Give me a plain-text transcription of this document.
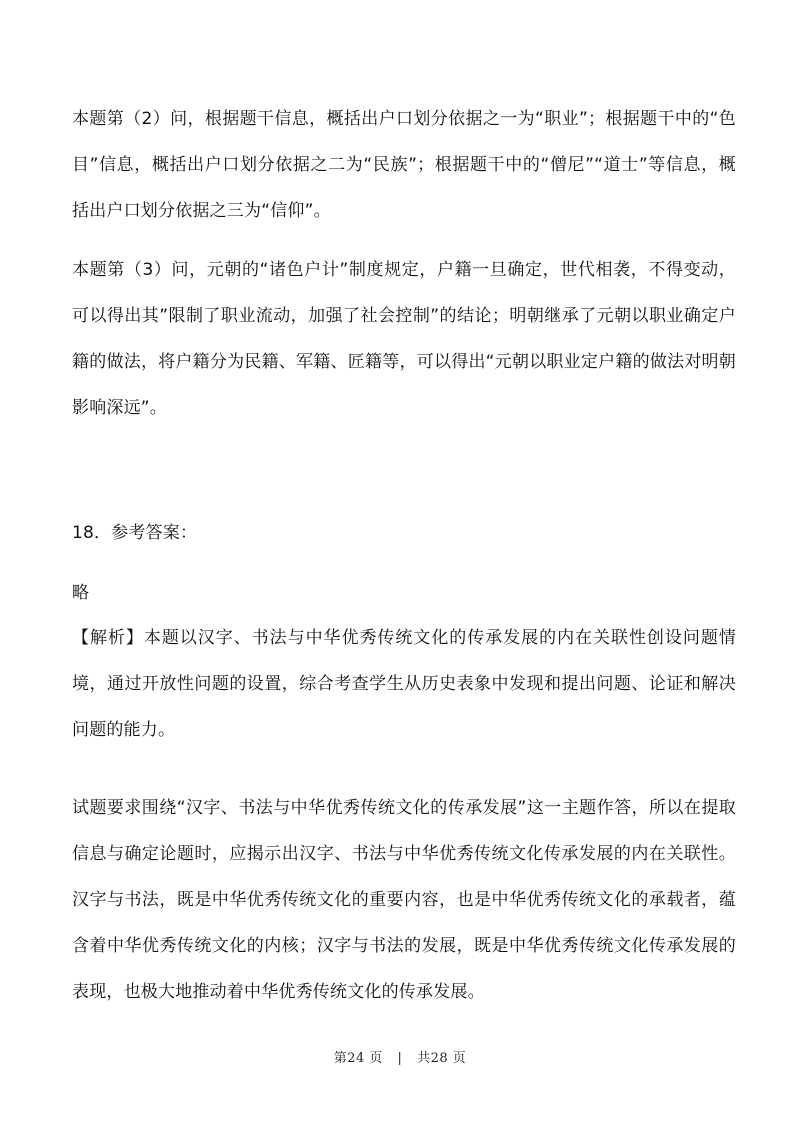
本题第（2）问，根据题干信息，概括出户口划分依据之一为“职业”；根据题干中的“色目”信息，概括出户口划分依据之二为“民族”；根据题干中的“僧尼”“道士”等信息，概括出户口划分依据之三为“信仰”。

本题第（3）问，元朝的“诸色户计”制度规定，户籍一旦确定，世代相袭，不得变动，可以得出其”限制了职业流动，加强了社会控制”的结论；明朝继承了元朝以职业确定户籍的做法，将户籍分为民籍、军籍、匠籍等，可以得出“元朝以职业定户籍的做法对明朝影响深远”。

18．参考答案：

略

【解析】本题以汉字、书法与中华优秀传统文化的传承发展的内在关联性创设问题情境，通过开放性问题的设置，综合考查学生从历史表象中发现和提出问题、论证和解决问题的能力。

试题要求围绕“汉字、书法与中华优秀传统文化的传承发展”这一主题作答，所以在提取信息与确定论题时，应揭示出汉字、书法与中华优秀传统文化传承发展的内在关联性。汉字与书法，既是中华优秀传统文化的重要内容，也是中华优秀传统文化的承载者，蕴含着中华优秀传统文化的内核；汉字与书法的发展，既是中华优秀传统文化传承发展的表现，也极大地推动着中华优秀传统文化的传承发展。

第24 页 | 共28 页
